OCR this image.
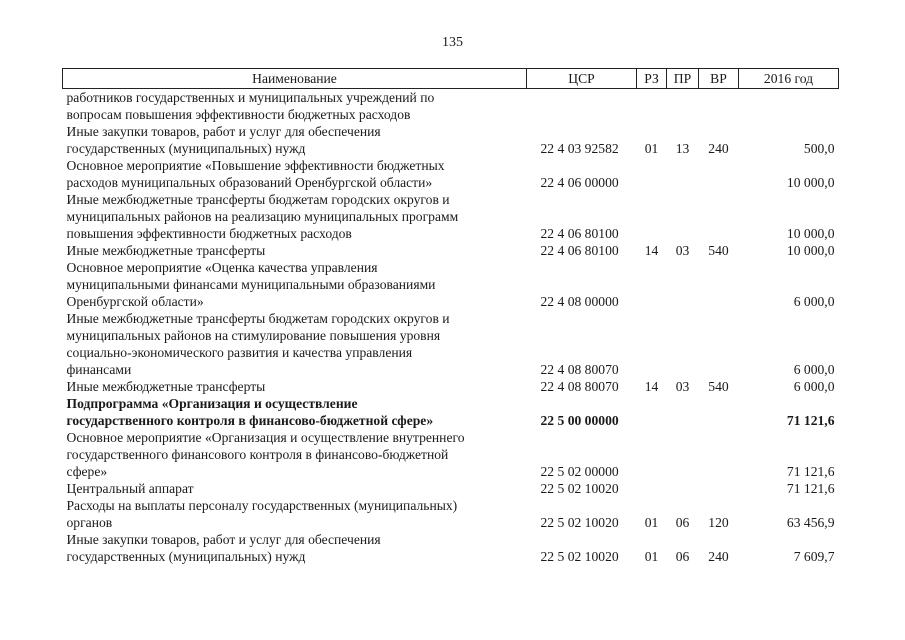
135
Наименование	ЦСР	РЗ	ПР	ВР	2016 год

работников государственных и муниципальных учреждений по
вопросам повышения эффективности бюджетных расходов					

Иные закупки товаров, работ и услуг для обеспечения
государственных (муниципальных) нужд	22 4 03 92582	01	13	240	500,0

Основное мероприятие «Повышение эффективности бюджетных
расходов муниципальных образований Оренбургской области»	22 4 06 00000				10 000,0

Иные межбюджетные трансферты бюджетам городских округов и
муниципальных районов на реализацию муниципальных программ
повышения эффективности бюджетных расходов	22 4 06 80100				10 000,0

Иные межбюджетные трансферты	22 4 06 80100	14	03	540	10 000,0

Основное мероприятие «Оценка качества управления
муниципальными финансами муниципальными образованиями
Оренбургской области»	22 4 08 00000				6 000,0

Иные межбюджетные трансферты бюджетам городских округов и
муниципальных районов на стимулирование повышения уровня
социально-экономического развития и качества управления
финансами	22 4 08 80070				6 000,0

Иные межбюджетные трансферты	22 4 08 80070	14	03	540	6 000,0

Подпрограмма «Организация и осуществление
государственного контроля в финансово-бюджетной сфере»	22 5 00 00000				71 121,6

Основное мероприятие «Организация и осуществление внутреннего
государственного финансового контроля в финансово-бюджетной
сфере»	22 5 02 00000				71 121,6

Центральный аппарат	22 5 02 10020				71 121,6

Расходы на выплаты персоналу государственных (муниципальных)
органов	22 5 02 10020	01	06	120	63 456,9

Иные закупки товаров, работ и услуг для обеспечения
государственных (муниципальных) нужд	22 5 02 10020	01	06	240	7 609,7
